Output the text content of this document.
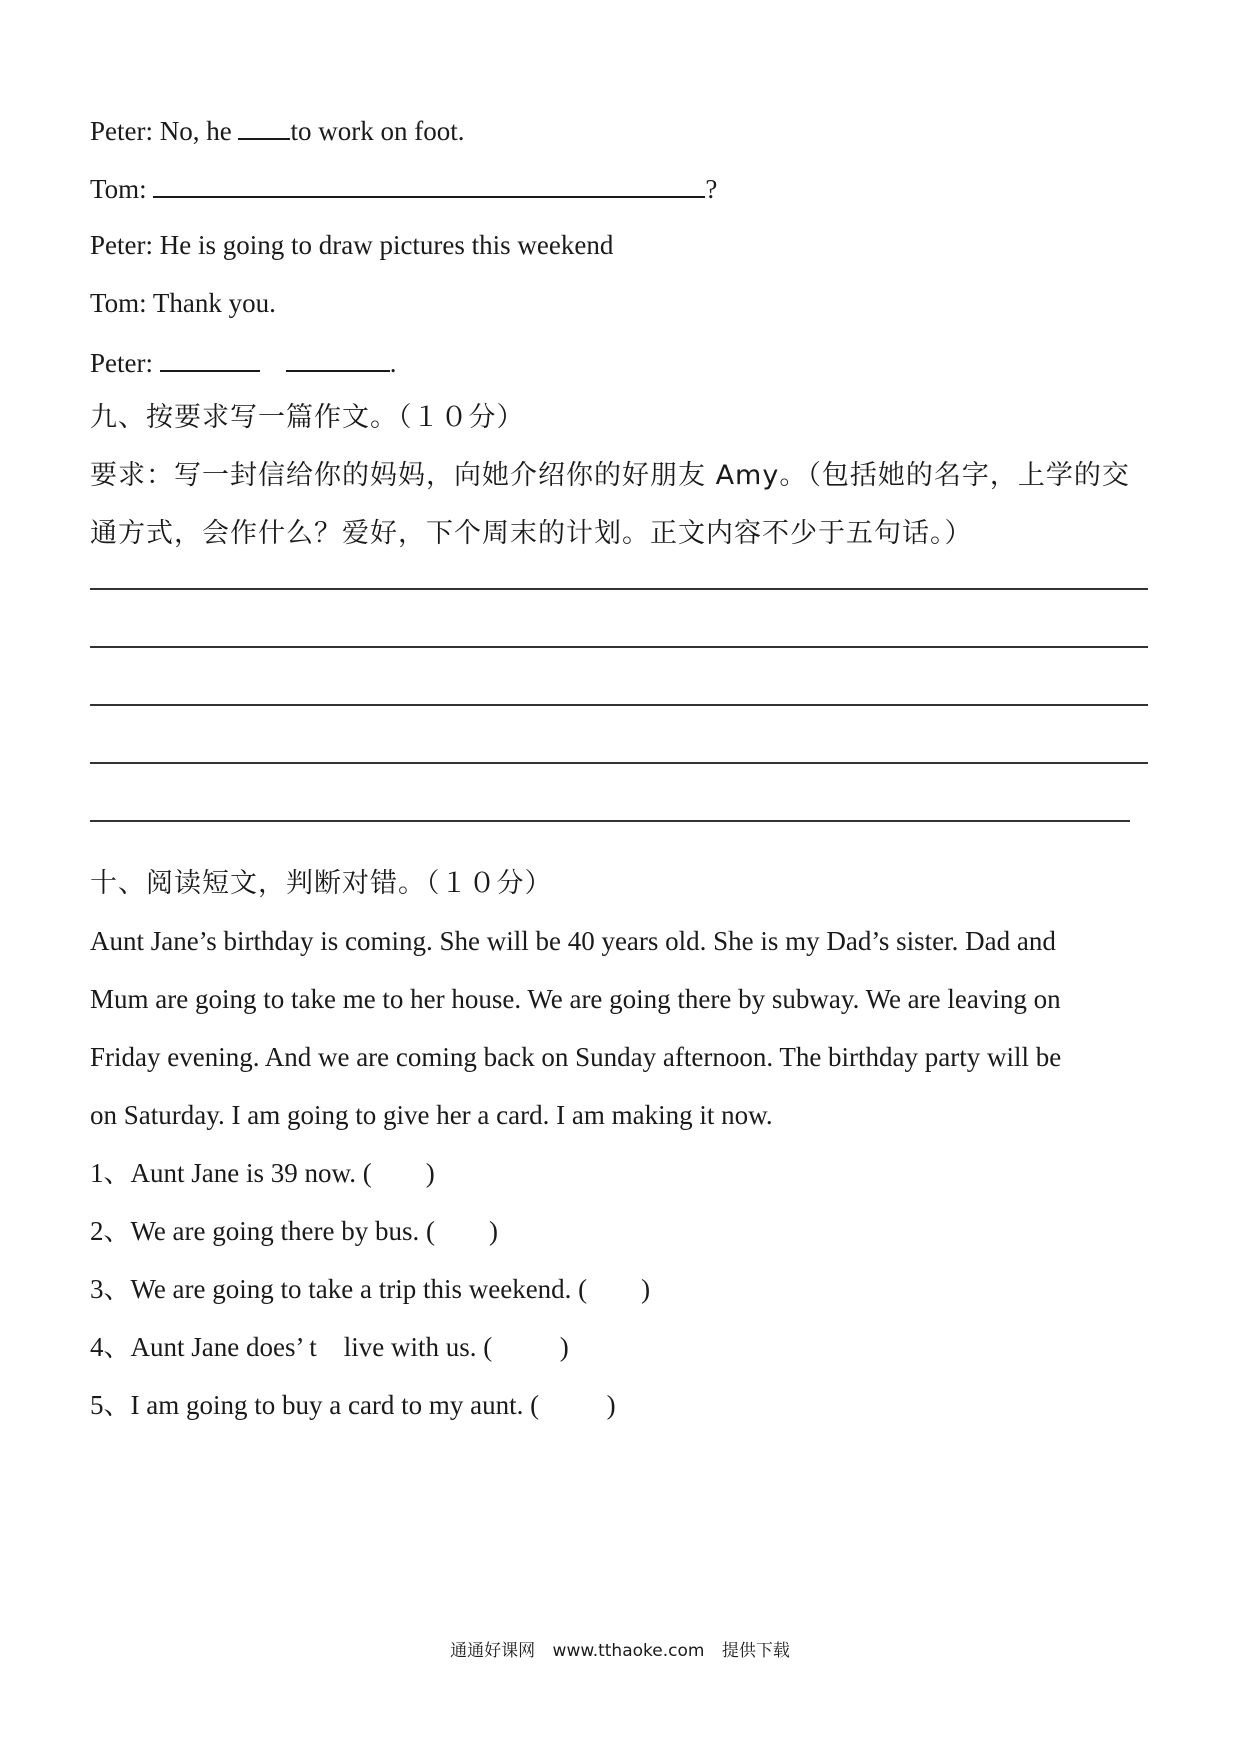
Peter: No, he to work on foot.
Tom:	?
Peter: He is going to draw pictures this weekend
Tom: Thank you.
Peter:	.
九、按要求写一篇作文。（１０分）
要求：写一封信给你的妈妈，向她介绍你的好朋友 Amy。（包括她的名字，上学的交
通方式，会作什么？爱好，下个周末的计划。正文内容不少于五句话。）
十、阅读短文，判断对错。（１０分）
Aunt Jane’s birthday is coming. She will be 40 years old. She is my Dad’s sister. Dad and
Mum are going to take me to her house. We are going there by subway. We are leaving on
Friday evening. And we are coming back on Sunday afternoon. The birthday party will be
on Saturday. I am going to give her a card. I am making it now.
1、Aunt Jane is 39 now. (        )
2、We are going there by bus. (        )
3、We are going to take a trip this weekend. (        )
4、Aunt Jane does’ t    live with us. (          )
5、I am going to buy a card to my aunt. (          )
通通好课网 www.tthaoke.com 提供下载
